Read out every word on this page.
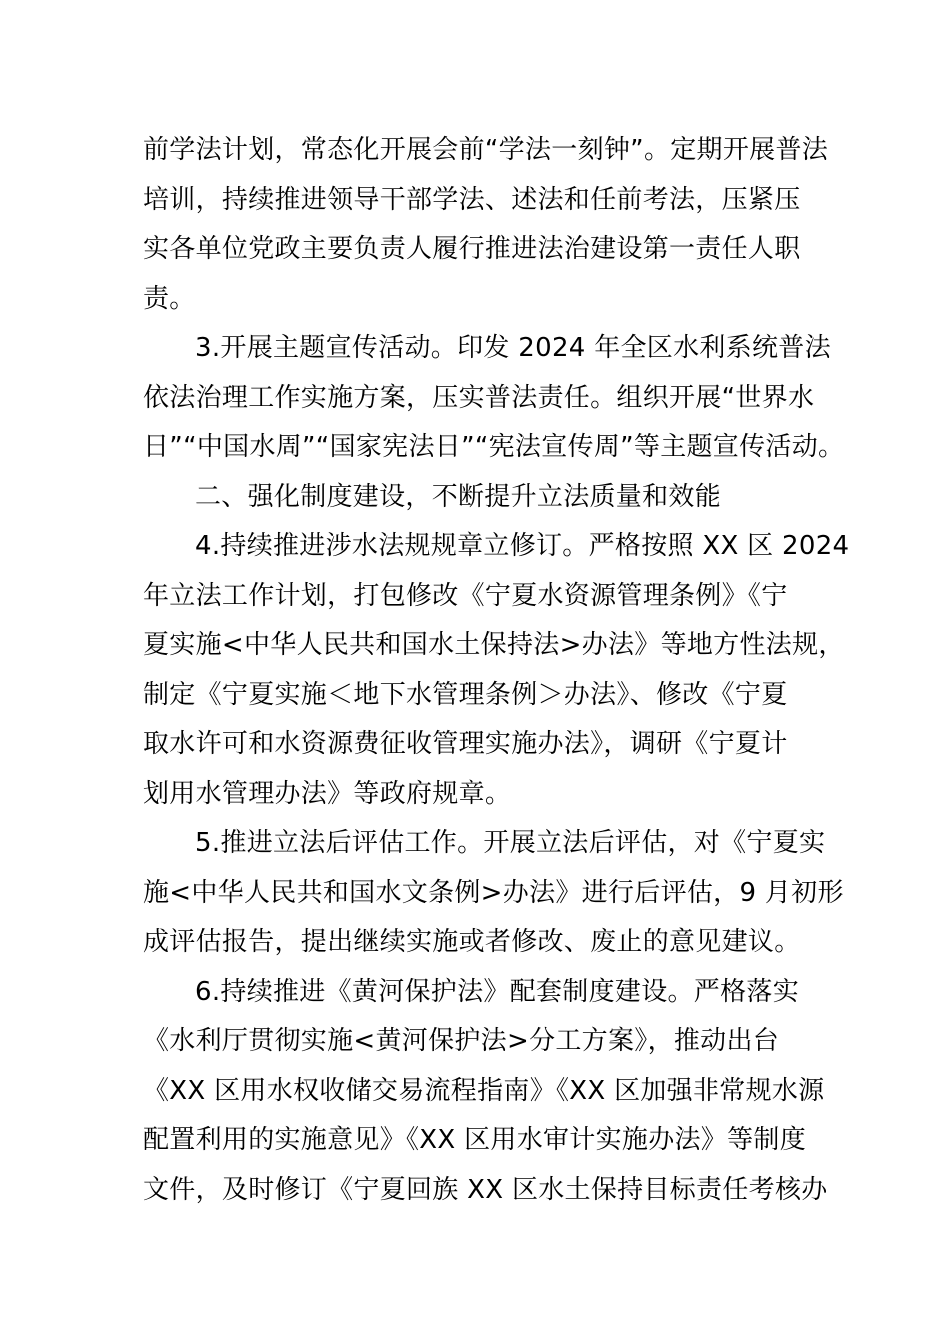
前学法计划，常态化开展会前“学法一刻钟”。定期开展普法
培训，持续推进领导干部学法、述法和任前考法，压紧压
实各单位党政主要负责人履行推进法治建设第一责任人职
责。
3.开展主题宣传活动。印发 2024 年全区水利系统普法
依法治理工作实施方案，压实普法责任。组织开展“世界水
日”“中国水周”“国家宪法日”“宪法宣传周”等主题宣传活动。
二、强化制度建设，不断提升立法质量和效能
4.持续推进涉水法规规章立修订。严格按照 XX 区 2024
年立法工作计划，打包修改《宁夏水资源管理条例》《宁
夏实施<中华人民共和国水土保持法>办法》等地方性法规，
制定《宁夏实施＜地下水管理条例＞办法》、修改《宁夏
取水许可和水资源费征收管理实施办法》，调研《宁夏计
划用水管理办法》等政府规章。
5.推进立法后评估工作。开展立法后评估，对《宁夏实
施<中华人民共和国水文条例>办法》进行后评估，9 月初形
成评估报告，提出继续实施或者修改、废止的意见建议。
6.持续推进《黄河保护法》配套制度建设。严格落实
《水利厅贯彻实施<黄河保护法>分工方案》，推动出台
《XX 区用水权收储交易流程指南》《XX 区加强非常规水源
配置利用的实施意见》《XX 区用水审计实施办法》等制度
文件，及时修订《宁夏回族 XX 区水土保持目标责任考核办
